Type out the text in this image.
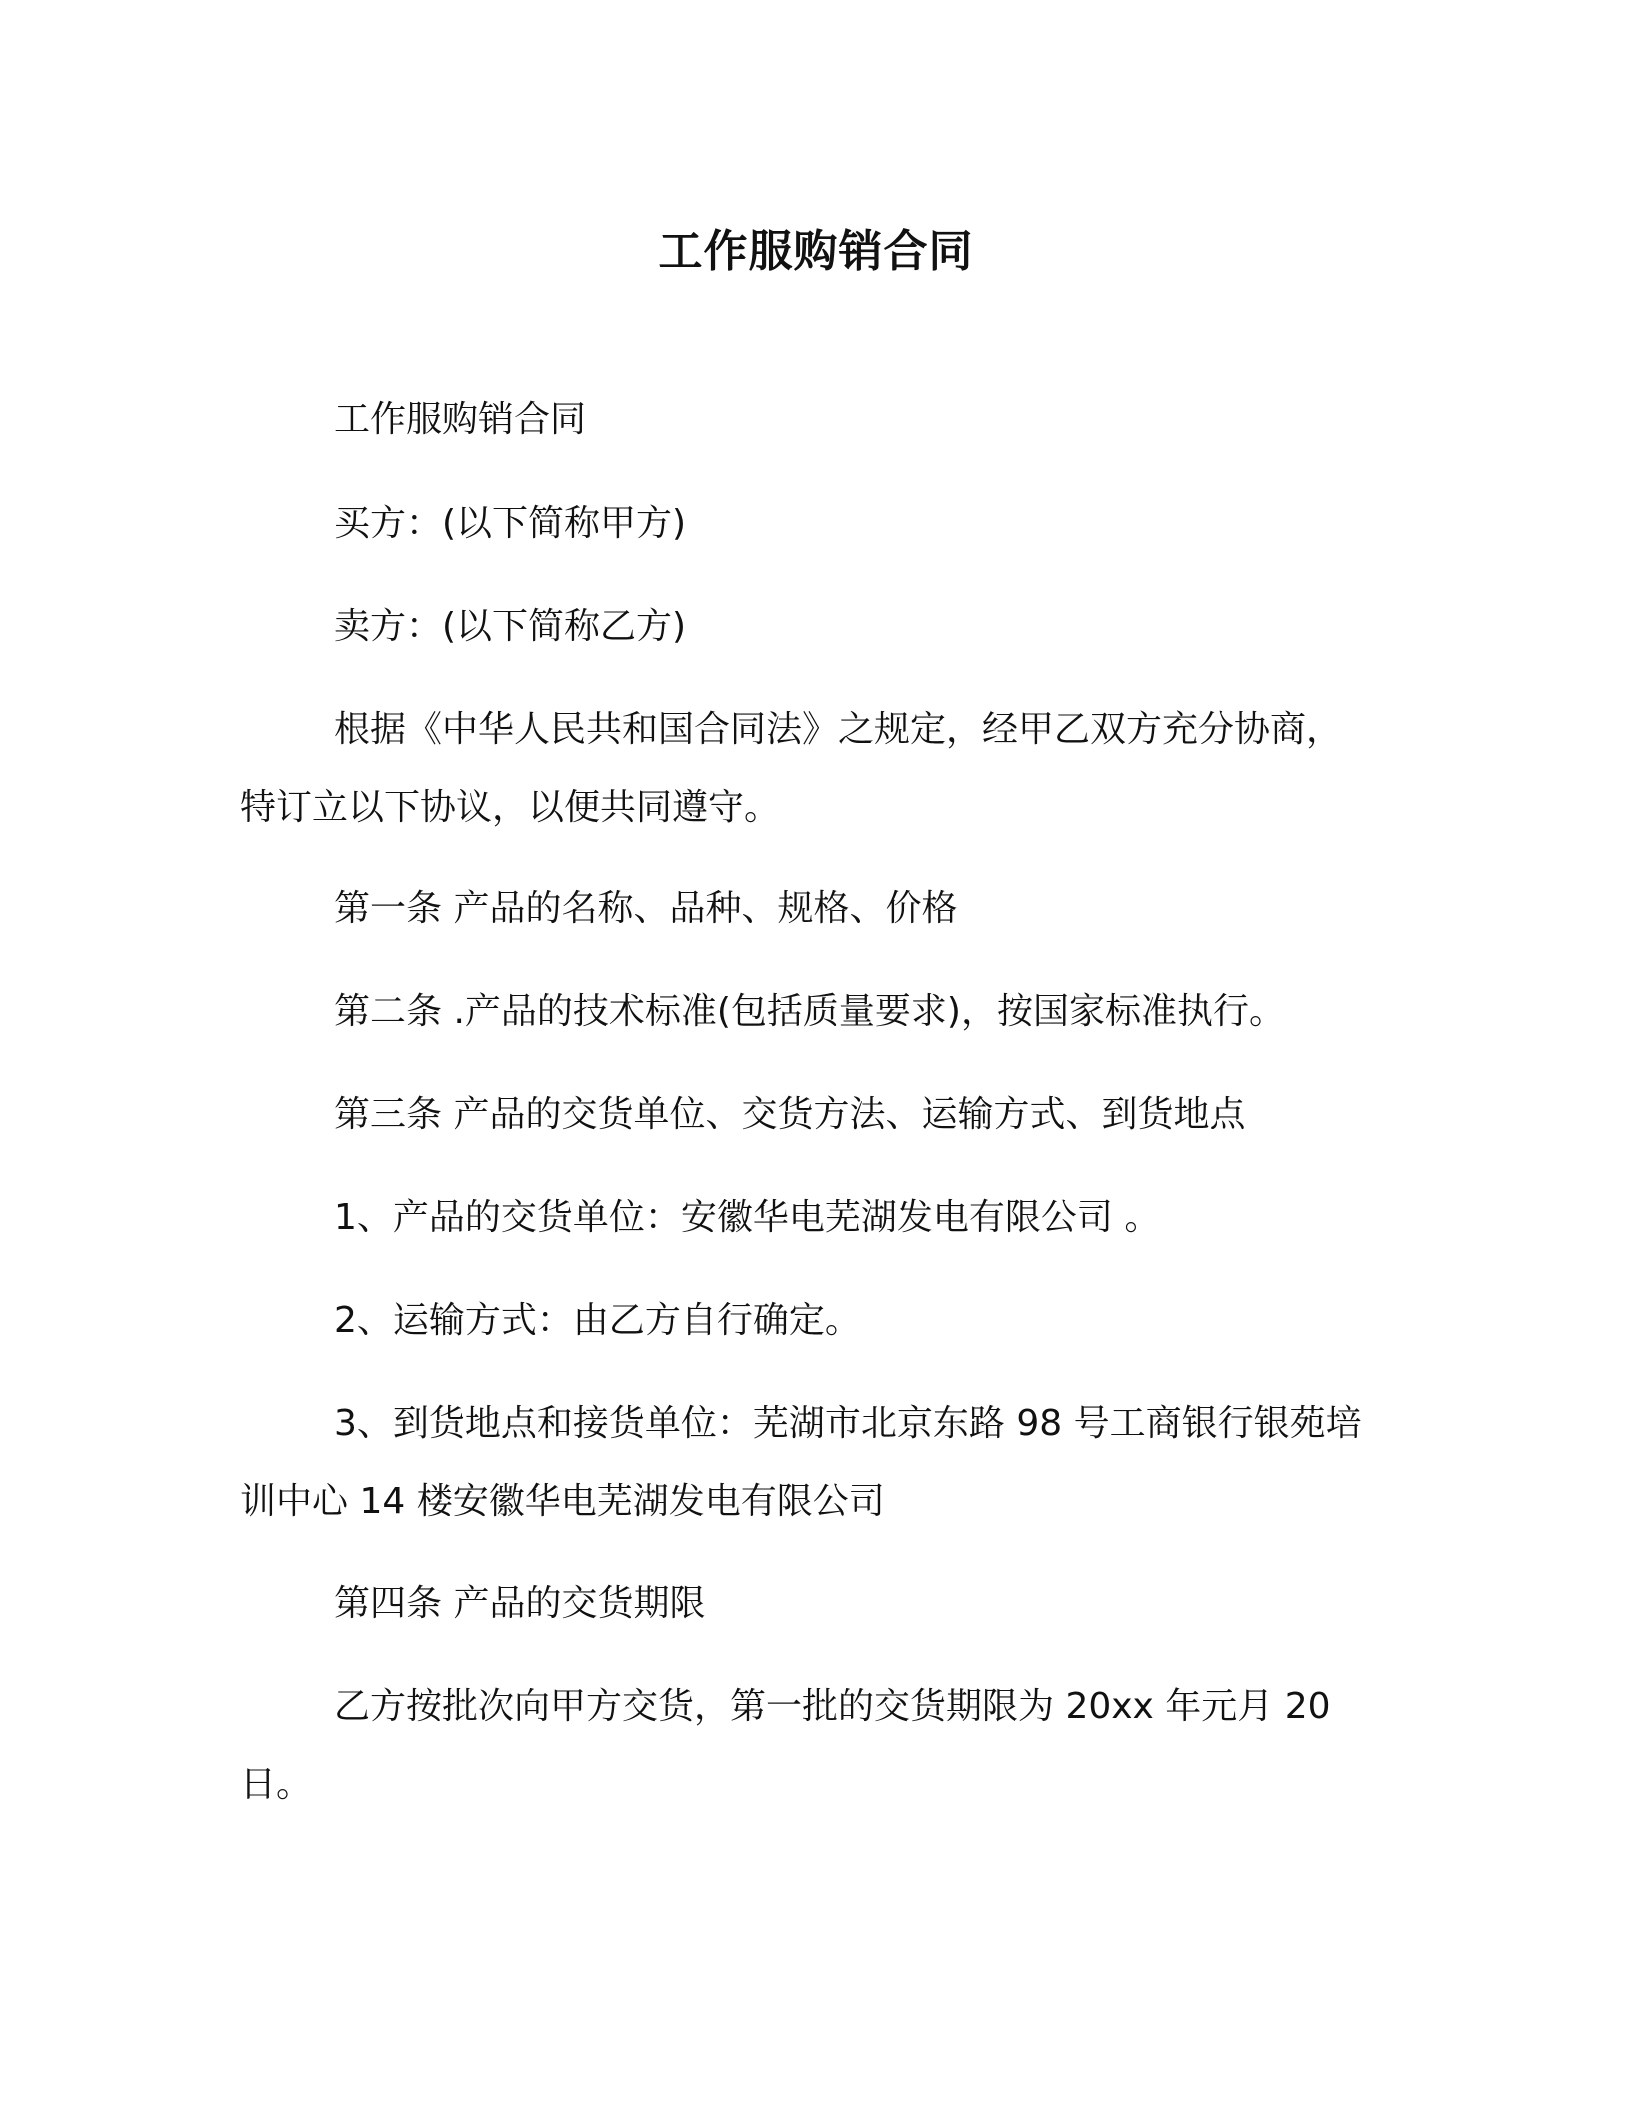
工作服购销合同
工作服购销合同
买方：(以下简称甲方)
卖方：(以下简称乙方)
根据《中华人民共和国合同法》之规定，经甲乙双方充分协商，
特订立以下协议，以便共同遵守。
第一条 产品的名称、品种、规格、价格
第二条 .产品的技术标准(包括质量要求)，按国家标准执行。
第三条 产品的交货单位、交货方法、运输方式、到货地点
1、产品的交货单位：安徽华电芜湖发电有限公司 。
2、运输方式：由乙方自行确定。
3、到货地点和接货单位：芜湖市北京东路 98 号工商银行银苑培
训中心 14 楼安徽华电芜湖发电有限公司
第四条 产品的交货期限
乙方按批次向甲方交货，第一批的交货期限为 20xx 年元月 20
日。
